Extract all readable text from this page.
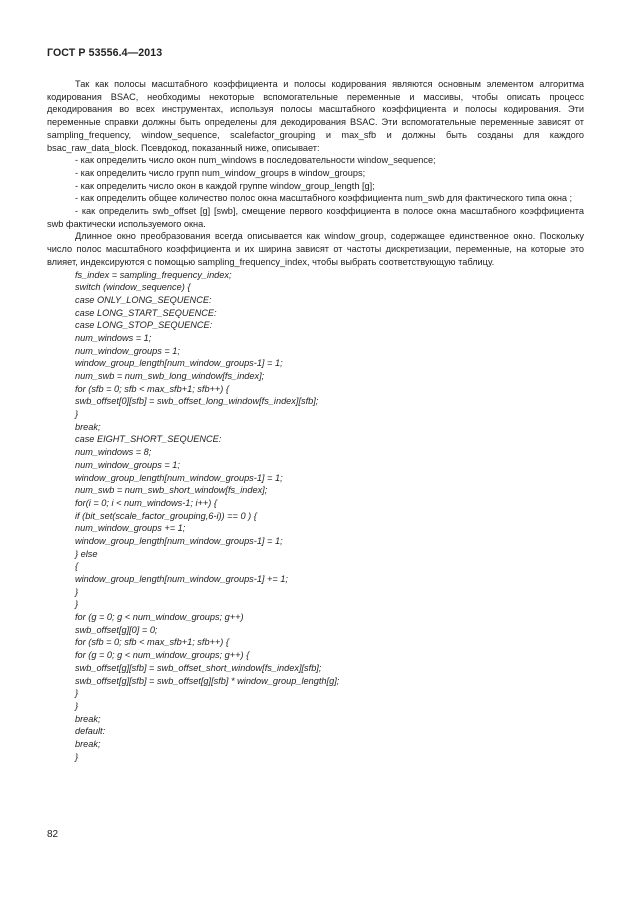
ГОСТ Р 53556.4—2013

Так как полосы масштабного коэффициента и полосы кодирования являются основным элементом алгоритма кодирования BSAC, необходимы некоторые вспомогательные переменные и массивы, чтобы описать процесс декодирования во всех инструментах, используя полосы масштабного коэффициента и полосы кодирования. Эти переменные справки должны быть определены для декодирования BSAC. Эти вспомогательные переменные зависят от sampling_frequency, window_sequence, scalefactor_grouping и max_sfb и должны быть созданы для каждого bsac_raw_data_block. Псевдокод, показанный ниже, описывает:

- как определить число окон num_windows в последовательности window_sequence;

- как определить число групп num_window_groups в window_groups;

- как определить число окон в каждой группе window_group_length [g];

- как определить общее количество полос окна масштабного коэффициента num_swb для фактического типа окна ;

- как определить swb_offset [g] [swb], смещение первого коэффициента в полосе окна масштабного коэффициента swb фактически используемого окна.

Длинное окно преобразования всегда описывается как window_group, содержащее единственное окно. Поскольку число полос масштабного коэффициента и их ширина зависят от частоты дискретизации, переменные, на которые это влияет, индексируются с помощью sampling_frequency_index, чтобы выбрать соответствующую таблицу.

fs_index = sampling_frequency_index;
switch (window_sequence) {
case ONLY_LONG_SEQUENCE:
case LONG_START_SEQUENCE:
case LONG_STOP_SEQUENCE:
num_windows = 1;
num_window_groups = 1;
window_group_length[num_window_groups-1] = 1;
num_swb = num_swb_long_window[fs_index];
for (sfb = 0; sfb < max_sfb+1; sfb++) {
swb_offset[0][sfb] = swb_offset_long_window[fs_index][sfb];
}
break;
case EIGHT_SHORT_SEQUENCE:
num_windows = 8;
num_window_groups = 1;
window_group_length[num_window_groups-1] = 1;
num_swb = num_swb_short_window[fs_index];
for(i = 0; i < num_windows-1; i++) {
if (bit_set(scale_factor_grouping,6-i)) == 0 ) {
num_window_groups += 1;
window_group_length[num_window_groups-1] = 1;
} else
{
window_group_length[num_window_groups-1] += 1;
}
}
for (g = 0; g < num_window_groups; g++)
swb_offset[g][0] = 0;
for (sfb = 0; sfb < max_sfb+1; sfb++) {
for (g = 0; g < num_window_groups; g++) {
swb_offset[g][sfb] = swb_offset_short_window[fs_index][sfb];
swb_offset[g][sfb] = swb_offset[g][sfb] * window_group_length[g];
}
}
break;
default:
break;
}
82
